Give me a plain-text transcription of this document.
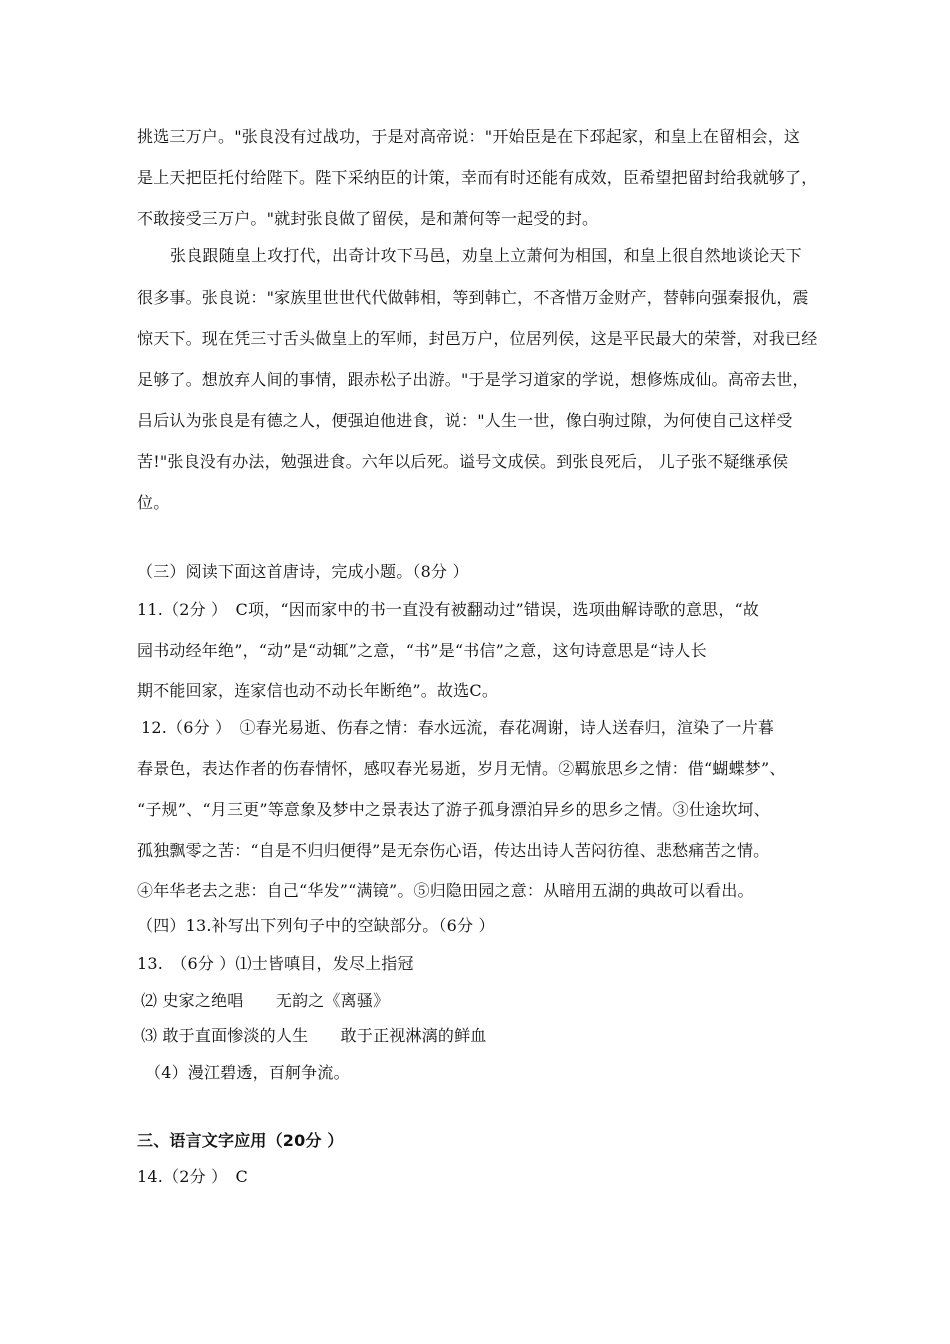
挑选三万户。"张良没有过战功，于是对高帝说："开始臣是在下邳起家，和皇上在留相会，这
是上天把臣托付给陛下。陛下采纳臣的计策，幸而有时还能有成效，臣希望把留封给我就够了，
不敢接受三万户。"就封张良做了留侯，是和萧何等一起受的封。
张良跟随皇上攻打代，出奇计攻下马邑，劝皇上立萧何为相国，和皇上很自然地谈论天下
很多事。张良说："家族里世世代代做韩相，等到韩亡，不吝惜万金财产，替韩向强秦报仇，震
惊天下。现在凭三寸舌头做皇上的军师，封邑万户，位居列侯，这是平民最大的荣誉，对我已经
足够了。想放弃人间的事情，跟赤松子出游。"于是学习道家的学说，想修炼成仙。高帝去世，
吕后认为张良是有德之人，便强迫他进食，说："人生一世，像白驹过隙，为何使自己这样受
苦!"张良没有办法，勉强进食。六年以后死。谥号文成侯。到张良死后， 儿子张不疑继承侯
位。
（三）阅读下面这首唐诗，完成小题。（8分 ）
11.（2分 ）　C项，“因而家中的书一直没有被翻动过”错误，选项曲解诗歌的意思，“故
园书动经年绝”，“动”是“动辄”之意，“书”是“书信”之意，这句诗意思是“诗人长
期不能回家，连家信也动不动长年断绝”。故选C。
12.（6分 ）　①春光易逝、伤春之情：春水远流，春花凋谢，诗人送春归，渲染了一片暮
春景色，表达作者的伤春情怀，感叹春光易逝，岁月无情。②羁旅思乡之情：借“蝴蝶梦”、
“子规”、“月三更”等意象及梦中之景表达了游子孤身漂泊异乡的思乡之情。③仕途坎坷、
孤独飘零之苦：“自是不归归便得”是无奈伤心语，传达出诗人苦闷彷徨、悲愁痛苦之情。
④年华老去之悲：自己“华发”“满镜”。⑤归隐田园之意：从暗用五湖的典故可以看出。
（四）13.补写出下列句子中的空缺部分。（6分 ）
13.　（6分 ）⑴士皆嗔目，发尽上指冠
⑵ 史家之绝唱　　无韵之《离骚》
⑶ 敢于直面惨淡的人生　　敢于正视淋漓的鲜血
（4）漫江碧透，百舸争流。
三、语言文字应用（20分 ）
14.（2分 ）　C
